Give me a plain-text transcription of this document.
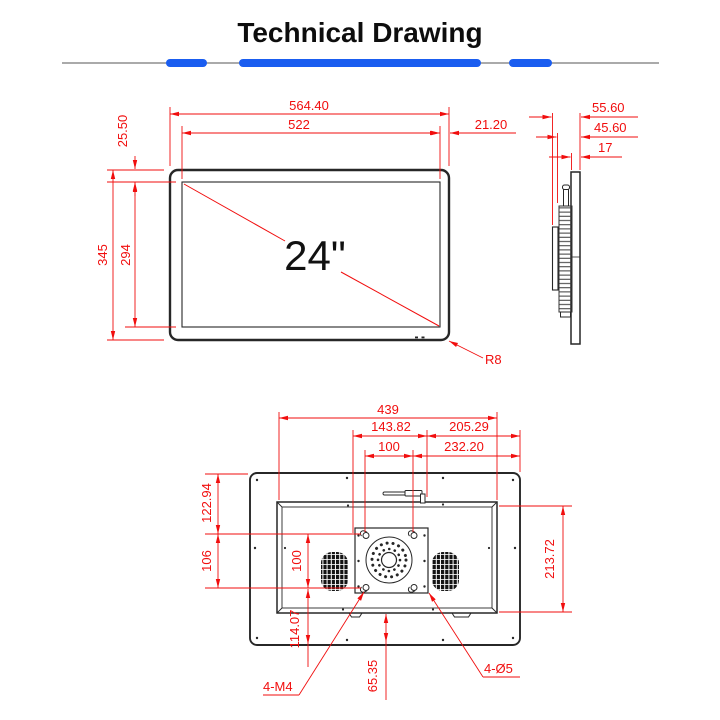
Technical Drawing
24"
564.40
522	21.20
25.50
345 294
R8
55.60
45.60
17
439
143.82	205.29
100	232.20
122.94
106	100
114.07
213.72
65.35
4-M4
4-Ø5
